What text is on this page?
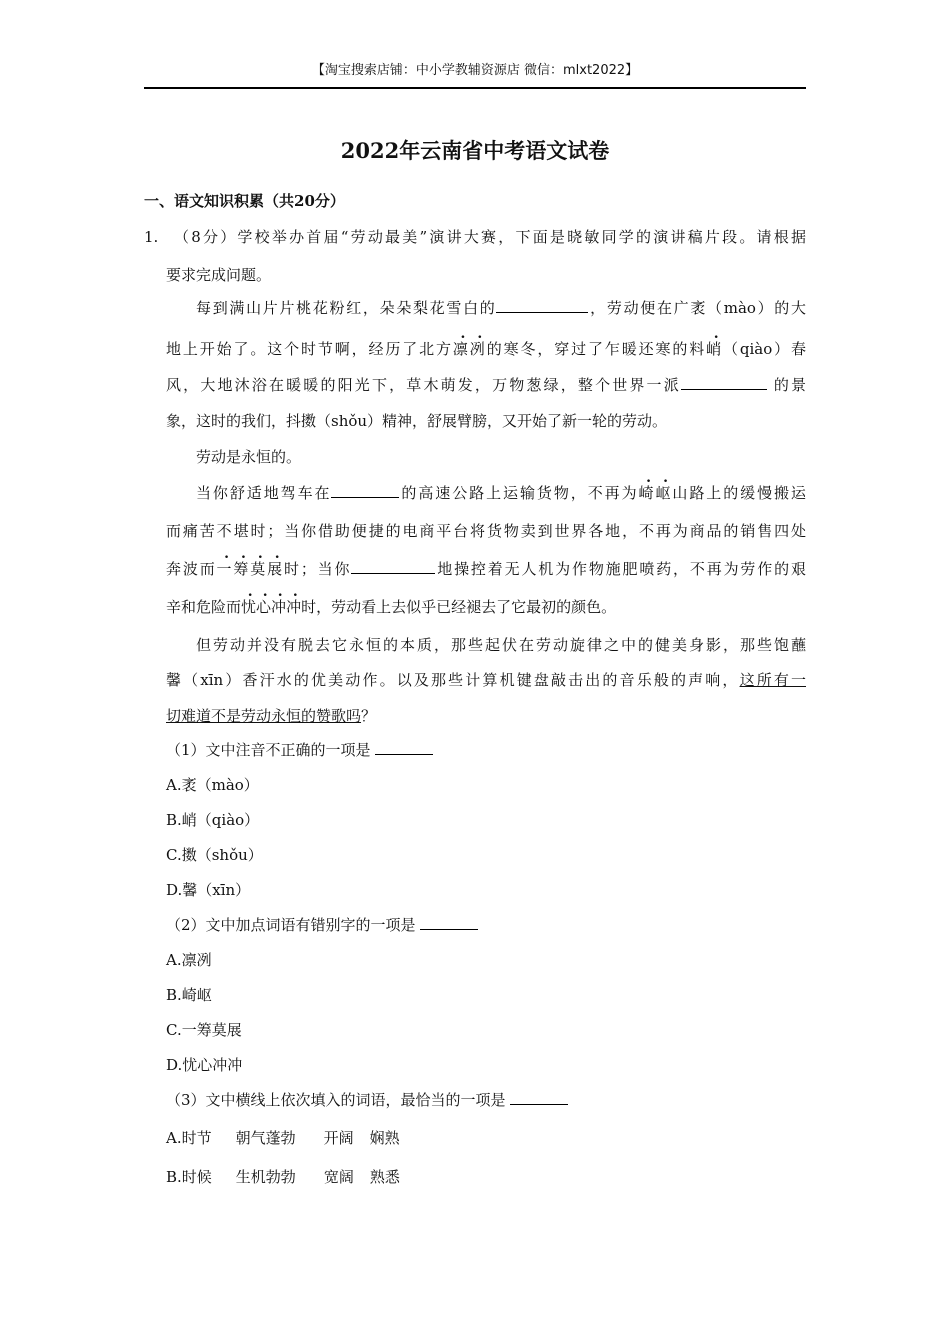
【淘宝搜索店铺：中小学教辅资源店 微信：mlxt2022】
2022年云南省中考语文试卷
一、语文知识积累（共20分）
1. （8分）学校举办首届“劳动最美”演讲大赛，下面是晓敏同学的演讲稿片段。请根据
要求完成问题。
每到满山片片桃花粉红，朵朵梨花雪白的	，劳动便在广袤（mào）的大
地上开始了。这个时节啊，经历了北方凛冽的寒冬，穿过了乍暖还寒的料峭（qiào）春
风，大地沐浴在暖暖的阳光下，草木萌发，万物葱绿，整个世界一派	的景
象，这时的我们，抖擞（shǒu）精神，舒展臂膀，又开始了新一轮的劳动。
劳动是永恒的。
当你舒适地驾车在	的高速公路上运输货物，不再为崎岖山路上的缓慢搬运
而痛苦不堪时；当你借助便捷的电商平台将货物卖到世界各地，不再为商品的销售四处
奔波而一筹莫展时；当你	地操控着无人机为作物施肥喷药，不再为劳作的艰
辛和危险而忧心冲冲时，劳动看上去似乎已经褪去了它最初的颜色。
但劳动并没有脱去它永恒的本质，那些起伏在劳动旋律之中的健美身影，那些饱蘸
馨（xīn）香汗水的优美动作。以及那些计算机键盘敲击出的音乐般的声响，这所有一
切难道不是劳动永恒的赞歌吗？
（1）文中注音不正确的一项是
A.袤（mào）
B.峭（qiào）
C.擞（shǒu）
D.馨（xīn）
（2）文中加点词语有错别字的一项是
A.凛冽
B.崎岖
C.一筹莫展
D.忧心冲冲
（3）文中横线上依次填入的词语，最恰当的一项是
A.时节 朝气蓬勃 开阔 娴熟
B.时候 生机勃勃 宽阔 熟悉
